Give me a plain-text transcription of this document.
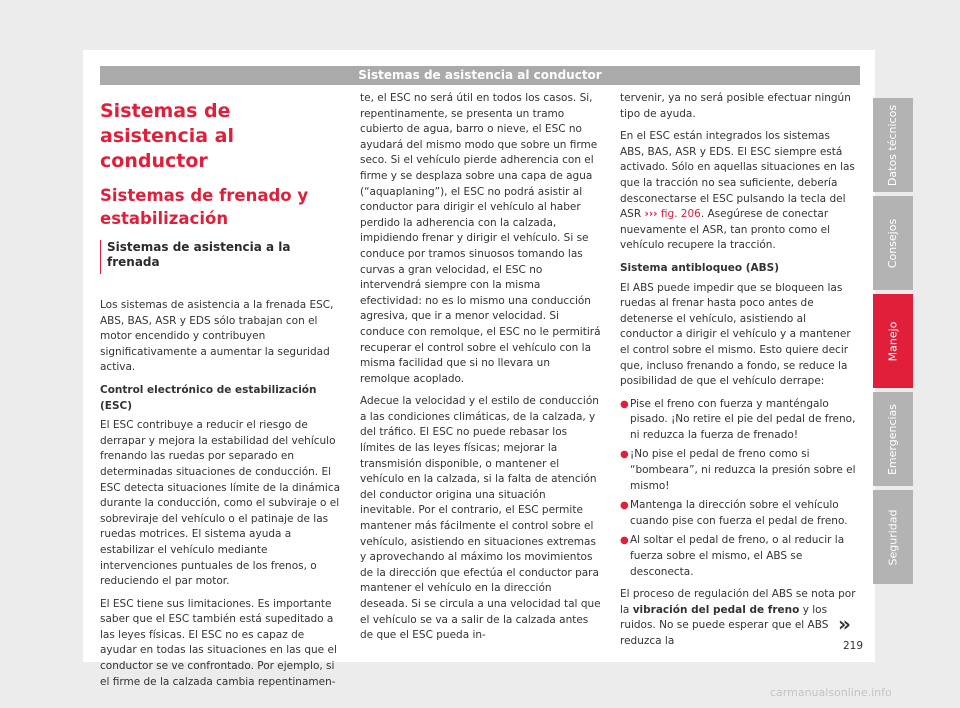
Sistemas de asistencia al conductor
Sistemas de asistencia al conductor
Sistemas de frenado y estabilización
Sistemas de asistencia a la frenada

Los sistemas de asistencia a la frenada ESC, ABS, BAS, ASR y EDS sólo trabajan con el motor encendido y contribuyen significativamente a aumentar la seguridad activa.

Control electrónico de estabilización (ESC)

El ESC contribuye a reducir el riesgo de derrapar y mejora la estabilidad del vehículo frenando las ruedas por separado en determinadas situaciones de conducción. El ESC detecta situaciones límite de la dinámica durante la conducción, como el subviraje o el sobreviraje del vehículo o el patinaje de las ruedas motrices. El sistema ayuda a estabilizar el vehículo mediante intervenciones puntuales de los frenos, o reduciendo el par motor.

El ESC tiene sus limitaciones. Es importante saber que el ESC también está supeditado a las leyes físicas. El ESC no es capaz de ayudar en todas las situaciones en las que el conductor se ve confrontado. Por ejemplo, si el firme de la calzada cambia repentinamen-

te, el ESC no será útil en todos los casos. Si, repentinamente, se presenta un tramo cubierto de agua, barro o nieve, el ESC no ayudará del mismo modo que sobre un firme seco. Si el vehículo pierde adherencia con el firme y se desplaza sobre una capa de agua (“aquaplaning”), el ESC no podrá asistir al conductor para dirigir el vehículo al haber perdido la adherencia con la calzada, impidiendo frenar y dirigir el vehículo. Si se conduce por tramos sinuosos tomando las curvas a gran velocidad, el ESC no intervendrá siempre con la misma efectividad: no es lo mismo una conducción agresiva, que ir a menor velocidad. Si conduce con remolque, el ESC no le permitirá recuperar el control sobre el vehículo con la misma facilidad que si no llevara un remolque acoplado.

Adecue la velocidad y el estilo de conducción a las condiciones climáticas, de la calzada, y del tráfico. El ESC no puede rebasar los límites de las leyes físicas; mejorar la transmisión disponible, o mantener el vehículo en la calzada, si la falta de atención del conductor origina una situación inevitable. Por el contrario, el ESC permite mantener más fácilmente el control sobre el vehículo, asistiendo en situaciones extremas y aprovechando al máximo los movimientos de la dirección que efectúa el conductor para mantener el vehículo en la dirección deseada. Si se circula a una velocidad tal que el vehículo se va a salir de la calzada antes de que el ESC pueda in-

tervenir, ya no será posible efectuar ningún tipo de ayuda.

En el ESC están integrados los sistemas ABS, BAS, ASR y EDS. El ESC siempre está activado. Sólo en aquellas situaciones en las que la tracción no sea suficiente, debería desconectarse el ESC pulsando la tecla del ASR ››› fig. 206. Asegúrese de conectar nuevamente el ASR, tan pronto como el vehículo recupere la tracción.

Sistema antibloqueo (ABS)

El ABS puede impedir que se bloqueen las ruedas al frenar hasta poco antes de detenerse el vehículo, asistiendo al conductor a dirigir el vehículo y a mantener el control sobre el mismo. Esto quiere decir que, incluso frenando a fondo, se reduce la posibilidad de que el vehículo derrape:

● Pise el freno con fuerza y manténgalo pisado. ¡No retire el pie del pedal de freno, ni reduzca la fuerza de frenado!
● ¡No pise el pedal de freno como si “bombeara”, ni reduzca la presión sobre el mismo!
● Mantenga la dirección sobre el vehículo cuando pise con fuerza el pedal de freno.
● Al soltar el pedal de freno, o al reducir la fuerza sobre el mismo, el ABS se desconecta.

El proceso de regulación del ABS se nota por la vibración del pedal de freno y los ruidos. No se puede esperar que el ABS reduzca la

»
219
Datos técnicos
Consejos
Manejo
Emergencias
Seguridad
carmanualsonline.info
